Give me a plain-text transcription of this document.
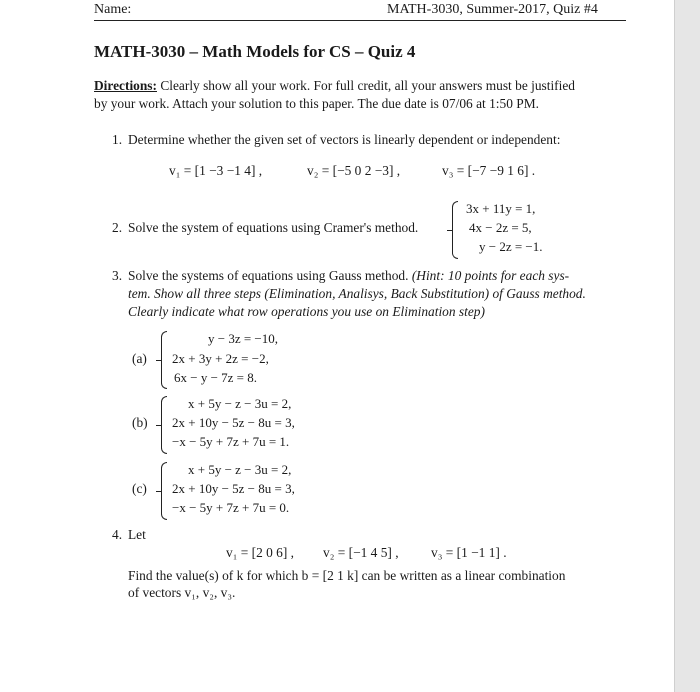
Name:	MATH-3030, Summer-2017, Quiz #4
MATH-3030 – Math Models for CS – Quiz 4
Directions: Clearly show all your work. For full credit, all your answers must be justified
by your work. Attach your solution to this paper. The due date is 07/06 at 1:50 PM.
1. Determine whether the given set of vectors is linearly dependent or independent:
v₁ = [1 −3 −1 4] ,	v₂ = [−5 0 2 −3] ,	v₃ = [−7 −9 1 6] .
2. Solve the system of equations using Cramer's method.
3x + 11y = 1,
4x − 2z = 5,
y − 2z = −1.
3. Solve the systems of equations using Gauss method. (Hint: 10 points for each sys-
tem. Show all three steps (Elimination, Analisys, Back Substitution) of Gauss method.
Clearly indicate what row operations you use on Elimination step)
(a)
y − 3z = −10,
2x + 3y + 2z = −2,
6x − y − 7z = 8.
(b)
x + 5y − z − 3u = 2,
2x + 10y − 5z − 8u = 3,
−x − 5y + 7z + 7u = 1.
(c)
x + 5y − z − 3u = 2,
2x + 10y − 5z − 8u = 3,
−x − 5y + 7z + 7u = 0.
4. Let
v₁ = [2 0 6] , v₂ = [−1 4 5] , v₃ = [1 −1 1] .
Find the value(s) of k for which b = [2 1 k] can be written as a linear combination
of vectors v₁, v₂, v₃.
